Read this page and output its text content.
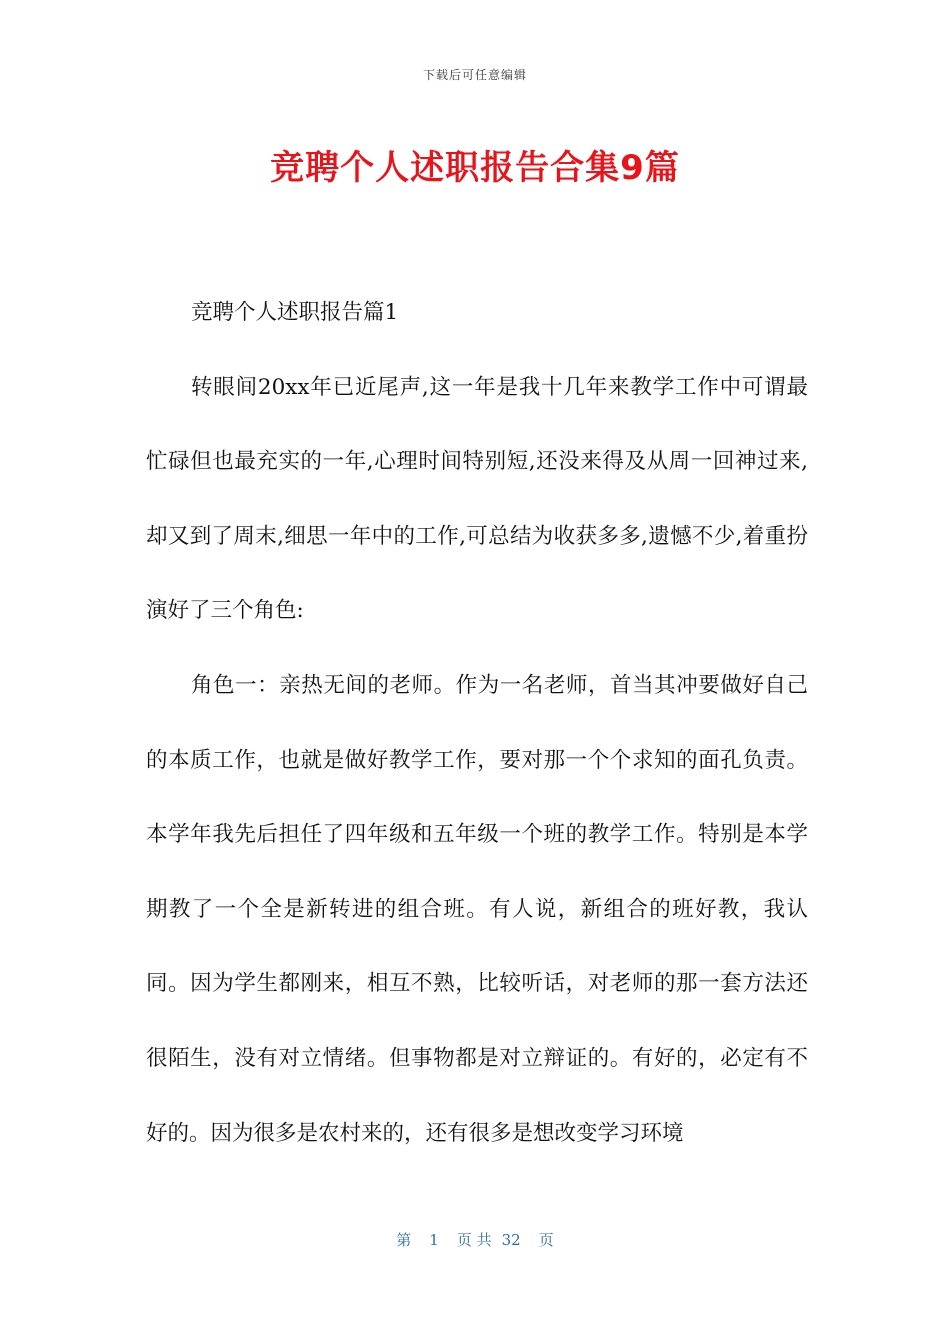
下载后可任意编辑
竞聘个人述职报告合集9篇

竞聘个人述职报告篇1

转眼间20xx年已近尾声,这一年是我十几年来教学工作中可谓最忙碌但也最充实的一年,心理时间特别短,还没来得及从周一回神过来,却又到了周末,细思一年中的工作,可总结为收获多多,遗憾不少,着重扮演好了三个角色:

角色一：亲热无间的老师。作为一名老师，首当其冲要做好自己的本质工作，也就是做好教学工作，要对那一个个求知的面孔负责。本学年我先后担任了四年级和五年级一个班的教学工作。特别是本学期教了一个全是新转进的组合班。有人说，新组合的班好教，我认同。因为学生都刚来，相互不熟，比较听话，对老师的那一套方法还很陌生，没有对立情绪。但事物都是对立辩证的。有好的，必定有不好的。因为很多是农村来的，还有很多是想改变学习环境

第 1 页 共 32 页
